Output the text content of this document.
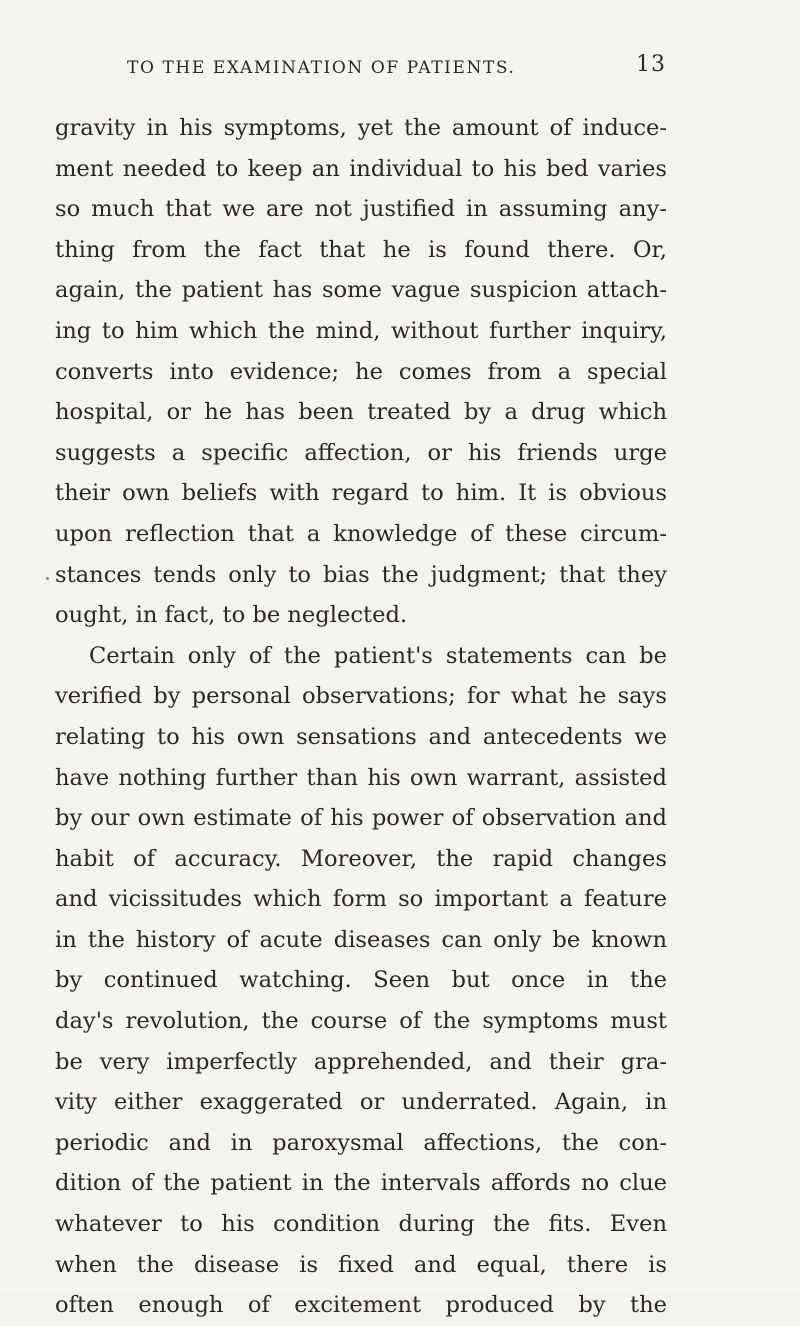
TO THE EXAMINATION OF PATIENTS.	13
gravity in his symptoms, yet the amount of induce-
ment needed to keep an individual to his bed varies
so much that we are not justified in assuming any-
thing from the fact that he is found there. Or,
again, the patient has some vague suspicion attach-
ing to him which the mind, without further inquiry,
converts into evidence; he comes from a special
hospital, or he has been treated by a drug which
suggests a specific affection, or his friends urge
their own beliefs with regard to him. It is obvious
upon reflection that a knowledge of these circum-
stances tends only to bias the judgment; that they
ought, in fact, to be neglected.
Certain only of the patient's statements can be
verified by personal observations; for what he says
relating to his own sensations and antecedents we
have nothing further than his own warrant, assisted
by our own estimate of his power of observation and
habit of accuracy. Moreover, the rapid changes
and vicissitudes which form so important a feature
in the history of acute diseases can only be known
by continued watching. Seen but once in the
day's revolution, the course of the symptoms must
be very imperfectly apprehended, and their gra-
vity either exaggerated or underrated. Again, in
periodic and in paroxysmal affections, the con-
dition of the patient in the intervals affords no clue
whatever to his condition during the fits. Even
when the disease is fixed and equal, there is
often enough of excitement produced by the
